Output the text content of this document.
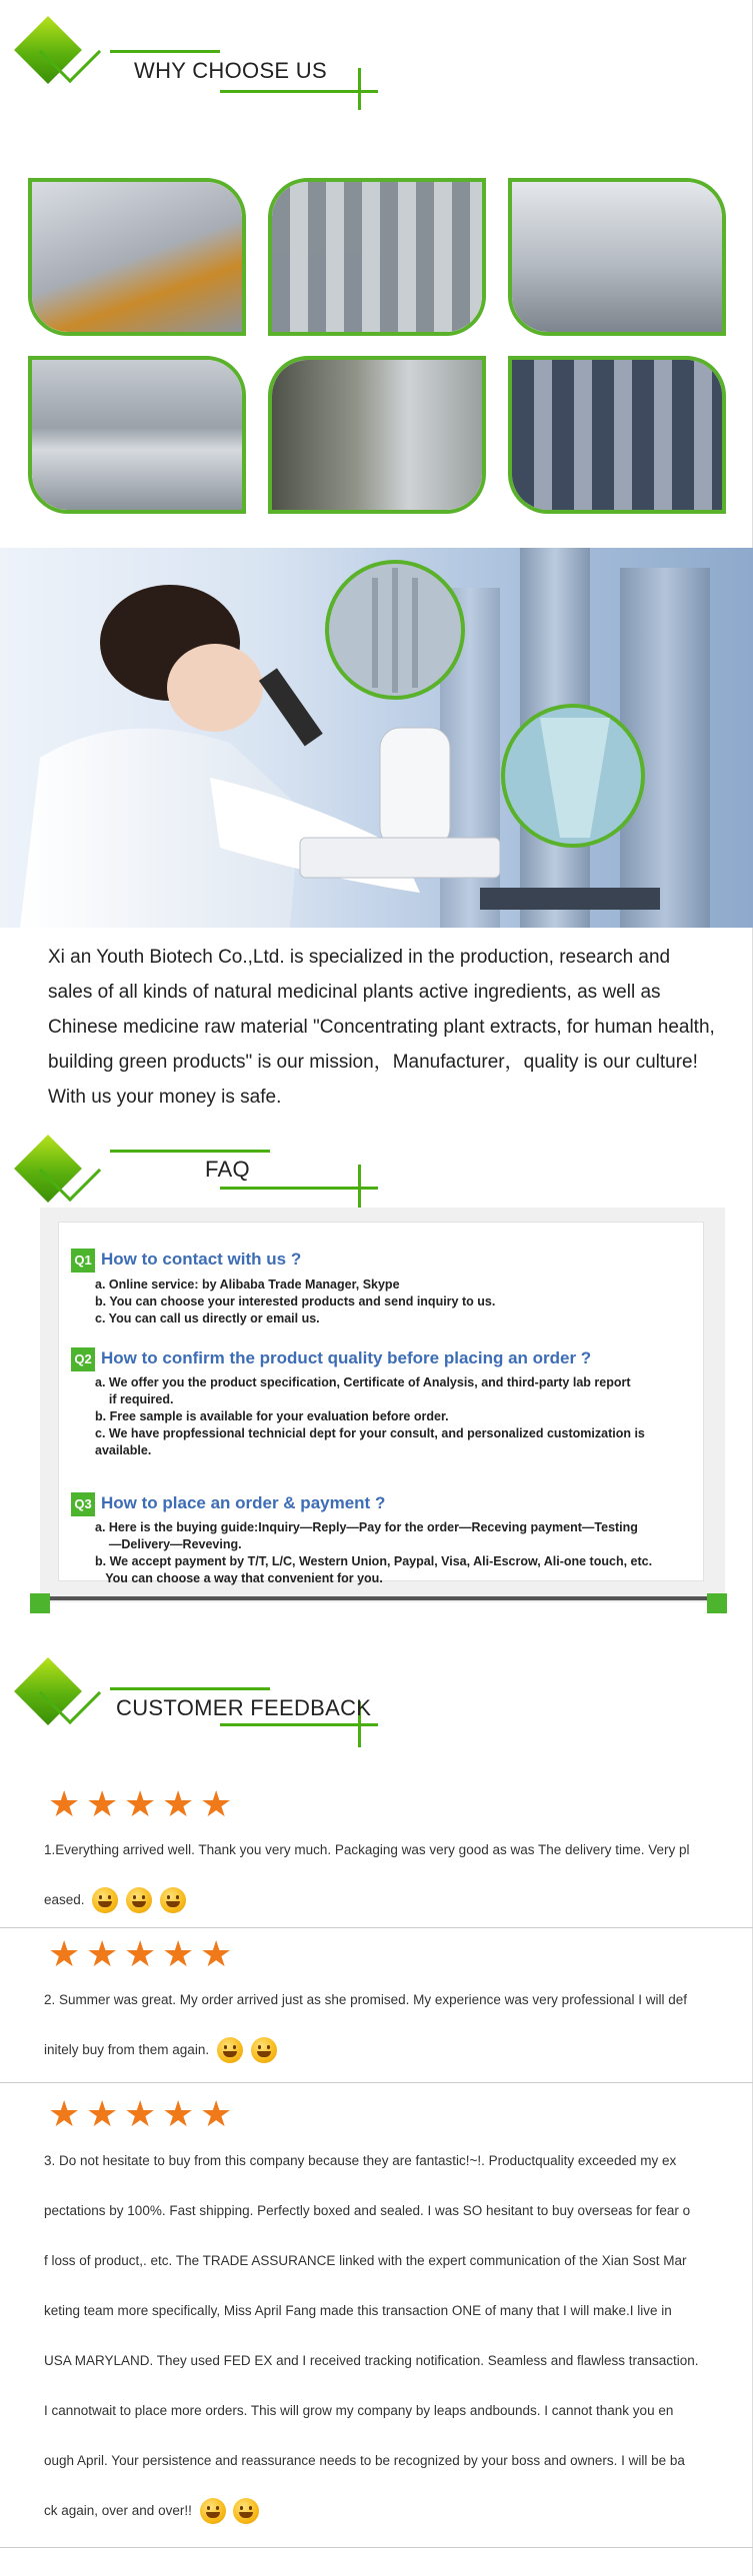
WHY CHOOSE US
Xi an Youth Biotech Co.,Ltd. is specialized in the production, research and sales of all kinds of natural medicinal plants active ingredients, as well as Chinese medicine raw material "Concentrating plant extracts, for human health, building green products" is our mission，Manufacturer，quality is our culture! With us your money is safe.
FAQ
Q1 How to contact with us ?
a. Online service: by Alibaba Trade Manager, Skype
b. You can choose your interested products and send inquiry to us.
c. You can call us directly or email us.
Q2 How to confirm the product quality before placing an order ?
a. We offer you the product specification, Certificate of Analysis, and third-party lab report
if required.
b. Free sample is available for your evaluation before order.
c. We have propfessional technicial dept for your consult, and personalized customization is
available.
Q3 How to place an order & payment ?
a. Here is the buying guide:Inquiry—Reply—Pay for the order—Receving payment—Testing
—Delivery—Reveving.
b. We accept payment by T/T, L/C, Western Union, Paypal, Visa, Ali-Escrow, Ali-one touch, etc.
You can choose a way that convenient for you.
CUSTOMER FEEDBACK
★ ★ ★ ★ ★
1.Everything arrived well. Thank you very much. Packaging was very good as was The delivery time. Very pl
eased.
★ ★ ★ ★ ★
2. Summer was great. My order arrived just as she promised. My experience was very professional I will def
initely buy from them again.
★ ★ ★ ★ ★
3. Do not hesitate to buy from this company because they are fantastic!~!. Productquality exceeded my ex
pectations by 100%. Fast shipping. Perfectly boxed and sealed. I was SO hesitant to buy overseas for fear o
f loss of product,. etc. The TRADE ASSURANCE linked with the expert communication of the Xian Sost Mar
keting team more specifically, Miss April Fang made this transaction ONE of many that I will make.I live in
USA MARYLAND. They used FED EX and I received tracking notification. Seamless and flawless transaction.
I cannotwait to place more orders. This will grow my company by leaps andbounds. I cannot thank you en
ough April. Your persistence and reassurance needs to be recognized by your boss and owners. I will be ba
ck again, over and over!!
